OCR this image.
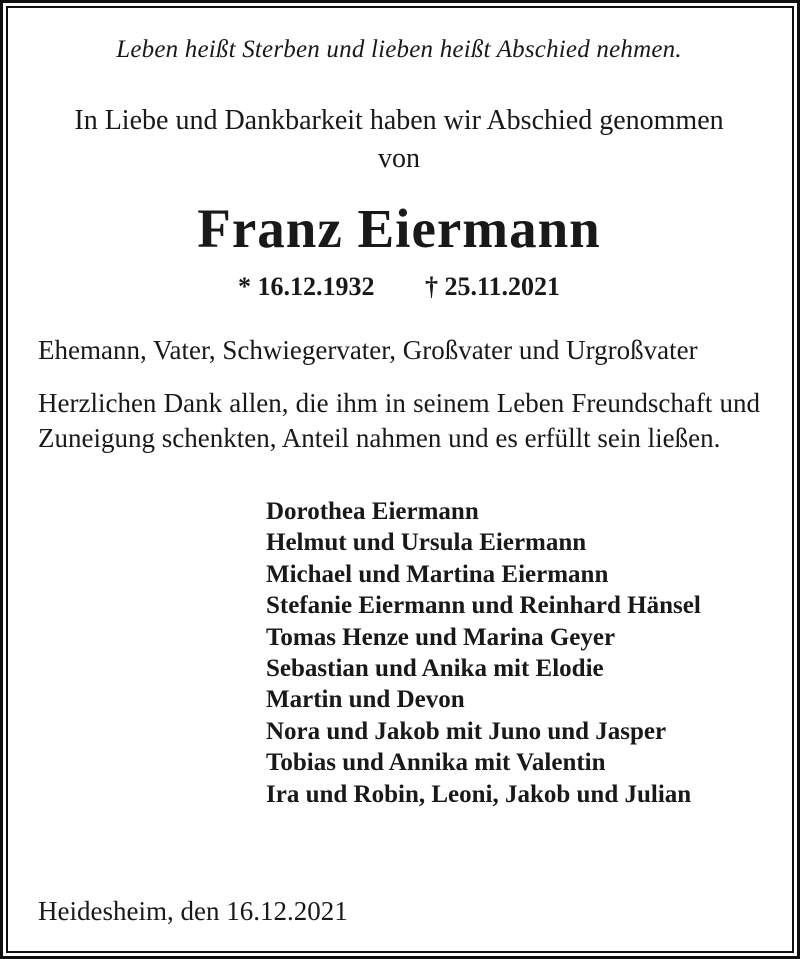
Leben heißt Sterben und lieben heißt Abschied nehmen.
In Liebe und Dankbarkeit haben wir Abschied genommen
von
Franz Eiermann
* 16.12.1932 † 25.11.2021
Ehemann, Vater, Schwiegervater, Großvater und Urgroßvater
Herzlichen Dank allen, die ihm in seinem Leben Freundschaft und Zuneigung schenkten, Anteil nahmen und es erfüllt sein ließen.
Dorothea Eiermann
Helmut und Ursula Eiermann
Michael und Martina Eiermann
Stefanie Eiermann und Reinhard Hänsel
Tomas Henze und Marina Geyer
Sebastian und Anika mit Elodie
Martin und Devon
Nora und Jakob mit Juno und Jasper
Tobias und Annika mit Valentin
Ira und Robin, Leoni, Jakob und Julian
Heidesheim, den 16.12.2021
